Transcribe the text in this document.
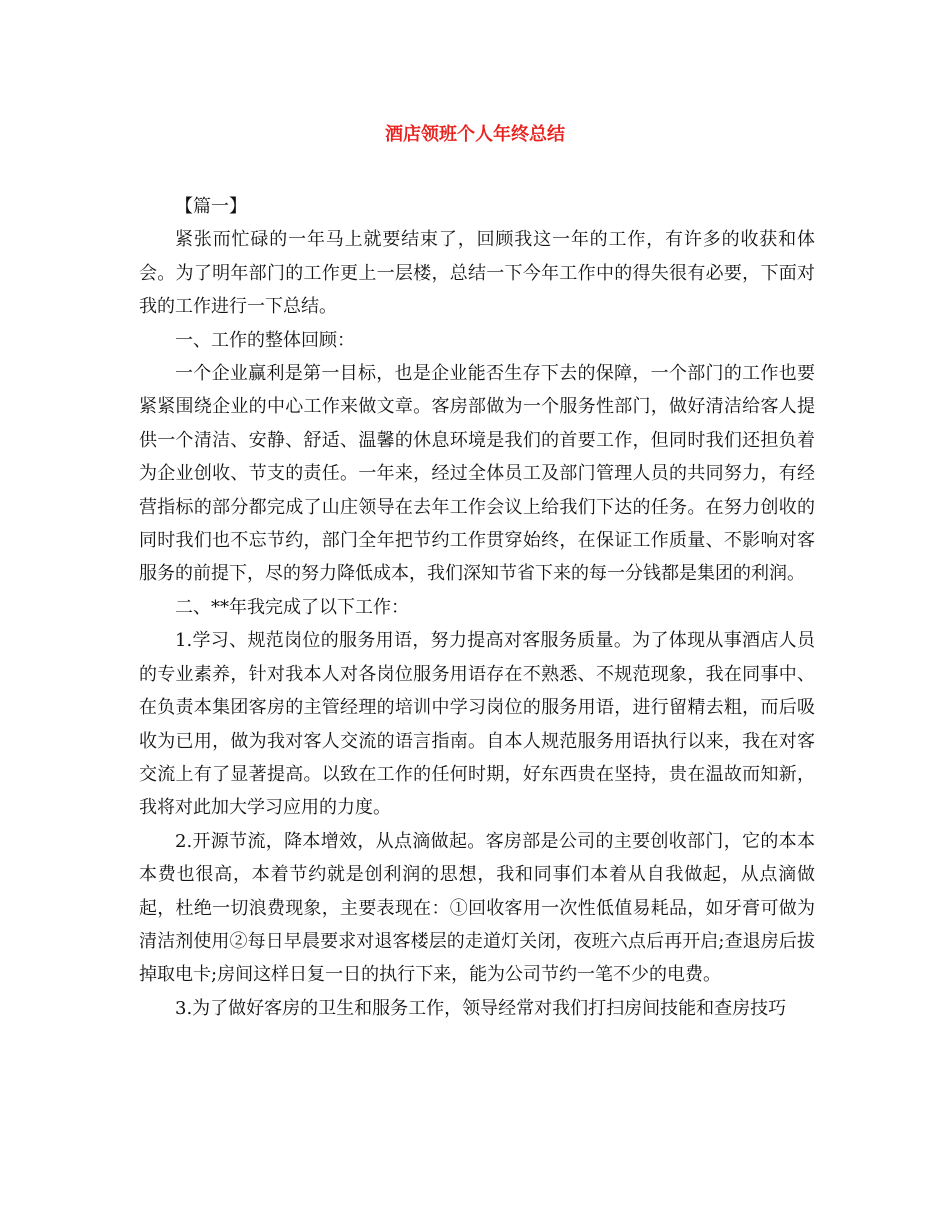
酒店领班个人年终总结

【篇一】

紧张而忙碌的一年马上就要结束了，回顾我这一年的工作，有许多的收获和体会。为了明年部门的工作更上一层楼，总结一下今年工作中的得失很有必要，下面对我的工作进行一下总结。

一、工作的整体回顾：

一个企业赢利是第一目标，也是企业能否生存下去的保障，一个部门的工作也要紧紧围绕企业的中心工作来做文章。客房部做为一个服务性部门，做好清洁给客人提供一个清洁、安静、舒适、温馨的休息环境是我们的首要工作，但同时我们还担负着为企业创收、节支的责任。一年来，经过全体员工及部门管理人员的共同努力，有经营指标的部分都完成了山庄领导在去年工作会议上给我们下达的任务。在努力创收的同时我们也不忘节约，部门全年把节约工作贯穿始终，在保证工作质量、不影响对客服务的前提下，尽的努力降低成本，我们深知节省下来的每一分钱都是集团的利润。

二、**年我完成了以下工作：

1.学习、规范岗位的服务用语，努力提高对客服务质量。为了体现从事酒店人员的专业素养，针对我本人对各岗位服务用语存在不熟悉、不规范现象，我在同事中、在负责本集团客房的主管经理的培训中学习岗位的服务用语，进行留精去粗，而后吸收为已用，做为我对客人交流的语言指南。自本人规范服务用语执行以来，我在对客交流上有了显著提高。以致在工作的任何时期，好东西贵在坚持，贵在温故而知新，我将对此加大学习应用的力度。

2.开源节流，降本增效，从点滴做起。客房部是公司的主要创收部门，它的本本本费也很高，本着节约就是创利润的思想，我和同事们本着从自我做起，从点滴做起，杜绝一切浪费现象，主要表现在：①回收客用一次性低值易耗品，如牙膏可做为清洁剂使用②每日早晨要求对退客楼层的走道灯关闭，夜班六点后再开启;查退房后拔掉取电卡;房间这样日复一日的执行下来，能为公司节约一笔不少的电费。

3.为了做好客房的卫生和服务工作，领导经常对我们打扫房间技能和查房技巧
